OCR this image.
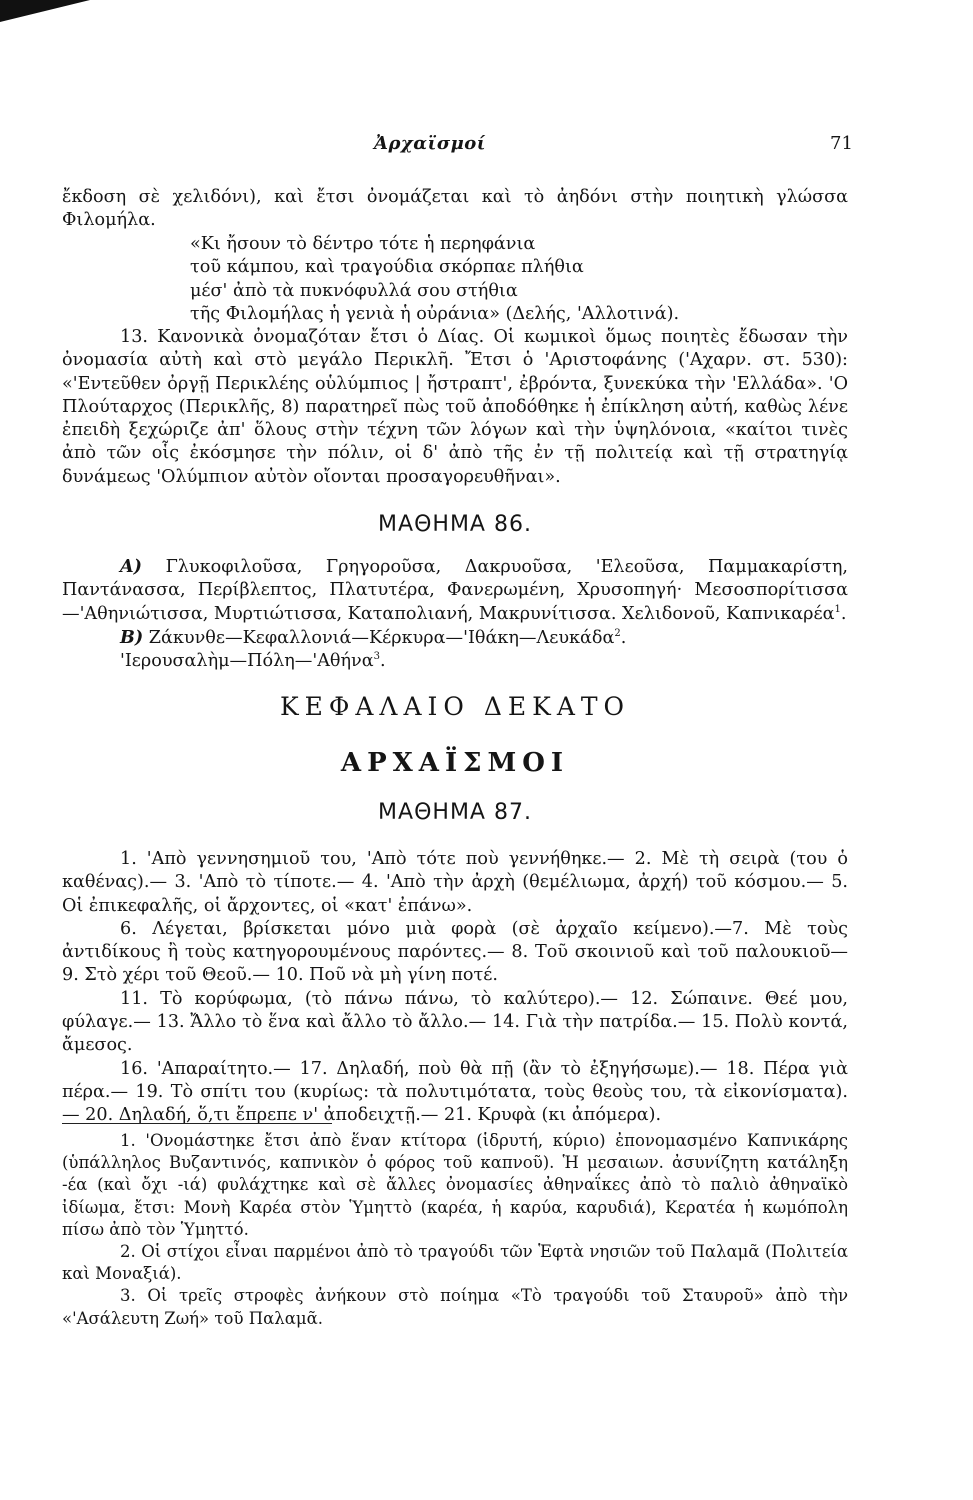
Ἀρχαϊσμοί	71

ἔκδοση σὲ χελιδόνι), καὶ ἔτσι ὀνομάζεται καὶ τὸ ἀηδόνι στὴν ποιητικὴ γλώσσα Φιλομήλα.

«Κι ἤσουν τὸ δέντρο τότε ἡ περηφάνια
τοῦ κάμπου, καὶ τραγούδια σκόρπαε πλήθια
μέσ' ἀπὸ τὰ πυκνόφυλλά σου στήθια
τῆς Φιλομήλας ἡ γενιὰ ἡ οὐράνια» (Δελής, 'Αλλοτινά).

13. Κανονικὰ ὀνομαζόταν ἔτσι ὁ Δίας. Οἱ κωμικοὶ ὅμως ποιητὲς ἔδωσαν τὴν ὀνομασία αὐτὴ καὶ στὸ μεγάλο Περικλῆ. Ἔτσι ὁ 'Αριστοφάνης ('Αχαρν. στ. 530): «'Εντεῦθεν ὀργῇ Περικλέης οὑλύμπιος | ἤστραπτ', ἐβρόντα, ξυνεκύκα τὴν 'Ελλάδα». 'Ο Πλούταρχος (Περικλῆς, 8) παρατηρεῖ πὼς τοῦ ἀποδόθηκε ἡ ἐπίκληση αὐτή, καθὼς λένε ἐπειδὴ ξεχώριζε ἀπ' ὅλους στὴν τέχνη τῶν λόγων καὶ τὴν ὑψηλόνοια, «καίτοι τινὲς ἀπὸ τῶν οἷς ἐκόσμησε τὴν πόλιν, οἱ δ' ἀπὸ τῆς ἐν τῇ πολιτείᾳ καὶ τῇ στρατηγίᾳ δυνάμεως 'Ολύμπιον αὐτὸν οἴονται προσαγορευθῆναι».

ΜΑΘΗΜΑ 86.

Α) Γλυκοφιλοῦσα, Γρηγοροῦσα, Δακρυοῦσα, 'Ελεοῦσα, Παμμακαρίστη, Παντάνασσα, Περίβλεπτος, Πλατυτέρα, Φανερωμένη, Χρυσοπηγή· Μεσοσπορίτισσα—'Αθηνιώτισσα, Μυρτιώτισσα, Καταπολιανή, Μακρυνίτισσα. Χελιδονοῦ, Καπνικαρέα$^1$.

Β) Ζάκυνθε—Κεφαλλονιά—Κέρκυρα—'Ιθάκη—Λευκάδα$^2$.

'Ιερουσαλὴμ—Πόλη—'Αθήνα$^3$.

ΚΕΦΑΛΑΙΟ ΔΕΚΑΤΟ
ΑΡΧΑΪΣΜΟΙ
ΜΑΘΗΜΑ 87.

1. 'Απὸ γεννησημιοῦ του, 'Απὸ τότε ποὺ γεννήθηκε.— 2. Μὲ τὴ σειρὰ (του ὁ καθένας).— 3. 'Απὸ τὸ τίποτε.— 4. 'Απὸ τὴν ἀρχὴ (θεμέλιωμα, ἀρχή) τοῦ κόσμου.— 5. Οἱ ἐπικεφαλῆς, οἱ ἄρχοντες, οἱ «κατ' ἐπάνω».

6. Λέγεται, βρίσκεται μόνο μιὰ φορὰ (σὲ ἀρχαῖο κείμενο).—7. Μὲ τοὺς ἀντιδίκους ἢ τοὺς κατηγορουμένους παρόντες.— 8. Τοῦ σκοινιοῦ καὶ τοῦ παλουκιοῦ— 9. Στὸ χέρι τοῦ Θεοῦ.— 10. Ποῦ νὰ μὴ γίνη ποτέ.

11. Τὸ κορύφωμα, (τὸ πάνω πάνω, τὸ καλύτερο).— 12. Σώπαινε. Θεέ μου, φύλαγε.— 13. Ἄλλο τὸ ἕνα καὶ ἄλλο τὸ ἄλλο.— 14. Γιὰ τὴν πατρίδα.— 15. Πολὺ κοντά, ἄμεσος.

16. 'Απαραίτητο.— 17. Δηλαδή, ποὺ θὰ πῇ (ἂν τὸ ἐξηγήσωμε).— 18. Πέρα γιὰ πέρα.— 19. Τὸ σπίτι του (κυρίως: τὰ πολυτιμότατα, τοὺς θεοὺς του, τὰ εἰκονίσματα). — 20. Δηλαδή, ὅ,τι ἔπρεπε ν' ἀποδειχτῇ.— 21. Κρυφὰ (κι ἀπόμερα).

1. 'Ονομάστηκε ἔτσι ἀπὸ ἕναν κτίτορα (ἱδρυτή, κύριο) ἐπονομασμένο Καπνικάρης (ὑπάλληλος Βυζαντινός, καπνικὸν ὁ φόρος τοῦ καπνοῦ). Ἡ μεσαιων. ἀσυνίζητη κατάληξη -έα (καὶ ὄχι -ιά) φυλάχτηκε καὶ σὲ ἄλλες ὀνομασίες ἀθηναΐκες ἀπὸ τὸ παλιὸ ἀθηναϊκὸ ἰδίωμα, ἔτσι: Μονὴ Καρέα στὸν Ὑμηττὸ (καρέα, ἡ καρύα, καρυδιά), Κερατέα ἡ κωμόπολη πίσω ἀπὸ τὸν Ὑμηττό.

2. Οἱ στίχοι εἶναι παρμένοι ἀπὸ τὸ τραγούδι τῶν Ἑφτὰ νησιῶν τοῦ Παλαμᾶ (Πολιτεία καὶ Μοναξιά).

3. Οἱ τρεῖς στροφὲς ἀνήκουν στὸ ποίημα «Τὸ τραγούδι τοῦ Σταυροῦ» ἀπὸ τὴν «'Ασάλευτη Ζωή» τοῦ Παλαμᾶ.
